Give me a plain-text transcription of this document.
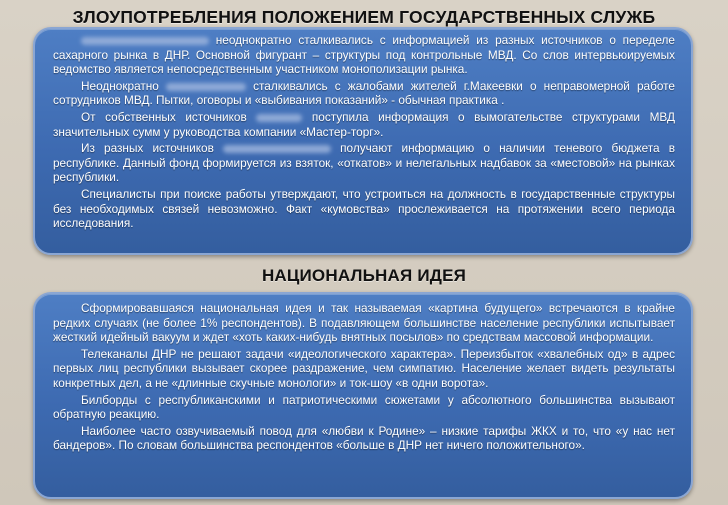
ЗЛОУПОТРЕБЛЕНИЯ ПОЛОЖЕНИЕМ ГОСУДАРСТВЕННЫХ СЛУЖБ

неоднократно сталкивались с информацией из разных источников о переделе сахарного рынка в ДНР. Основной фигурант – структуры под контрольные МВД. Со слов интервьюируемых ведомство является непосредственным участником монополизации рынка.

Неоднократно	сталкивались с жалобами жителей г.Макеевки о неправомерной работе сотрудников МВД. Пытки, оговоры и «выбивания показаний» - обычная практика .

От собственных источников	поступила информация о вымогательстве структурами МВД значительных сумм у руководства компании «Мастер-торг».

Из разных источников	получают информацию о наличии теневого бюджета в республике. Данный фонд формируется из взяток, «откатов» и нелегальных надбавок за «местовой» на рынках республики.

Специалисты при поиске работы утверждают, что устроиться на должность в государственные структуры без необходимых связей невозможно. Факт «кумовства» прослеживается на протяжении всего периода исследования.

НАЦИОНАЛЬНАЯ ИДЕЯ

Сформировавшаяся национальная идея и так называемая «картина будущего» встречаются в крайне редких случаях (не более 1% респондентов). В подавляющем большинстве население республики испытывает жесткий идейный вакуум и ждет «хоть каких-нибудь внятных посылов» по средствам массовой информации.

Телеканалы ДНР не решают задачи «идеологического характера». Переизбыток «хвалебных од» в адрес первых лиц республики вызывает скорее раздражение, чем симпатию. Население желает видеть результаты конкретных дел, а не «длинные скучные монологи» и ток-шоу «в одни ворота».

Билборды с республиканскими и патриотическими сюжетами у абсолютного большинства вызывают обратную реакцию.

Наиболее часто озвучиваемый повод для «любви к Родине» – низкие тарифы ЖКХ и то, что «у нас нет бандеров». По словам большинства респондентов «больше в ДНР нет ничего положительного».
